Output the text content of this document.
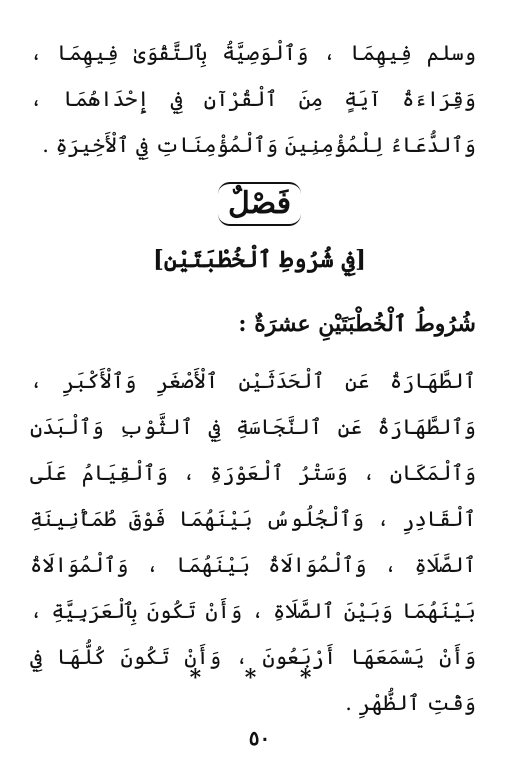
وسلم فِيهِمَا ، وَٱلْوَصِيَّةُ بِٱلتَّقْوَىٰ فِيهِمَا ، وَقِرَاءَةُ آيَةٍ مِنَ ٱلْقُرْآنِ فِي إِحْدَاهُمَا ، وَٱلدُّعَاءُ لِلْمُؤْمِنِينَ وَٱلْمُؤْمِنَاتِ فِي ٱلْأَخِيرَةِ .

فَصْلٌ
[فِي شُرُوطِ ٱلْخُطْبَتَيْنِ]
شُرُوطُ ٱلْخُطْبَتَيْنِ عشرَةٌ :

ٱلطَّهَارَةُ عَنِ ٱلْحَدَثَيْنِ ٱلْأَصْغَرِ وَٱلْأَكْبَرِ ، وَٱلطَّهَارَةُ عَنِ ٱلنَّجَاسَةِ فِي ٱلثَّوْبِ وَٱلْبَدَنِ وَٱلْمَكَانِ ، وَسَتْرُ ٱلْعَوْرَةِ ، وَٱلْقِيَامُ عَلَى ٱلْقَادِرِ ، وَٱلْجُلُوسُ بَيْنَهُمَا فَوْقَ طُمَأْنِينَةِ ٱلصَّلَاةِ ، وَٱلْمُوَالَاةُ بَيْنَهُمَا ، وَٱلْمُوَالَاةُ بَيْنَهُمَا وَبَيْنَ ٱلصَّلَاةِ ، وَأَنْ تَكُونَ بِٱلْعَرَبِيَّةِ ، وَأَنْ يَسْمَعَهَا أَرْبَعُونَ ، وَأَنْ تَكُونَ كُلُّهَا فِي وَقْتِ ٱلظُّهْرِ .

* * *
٥٠
